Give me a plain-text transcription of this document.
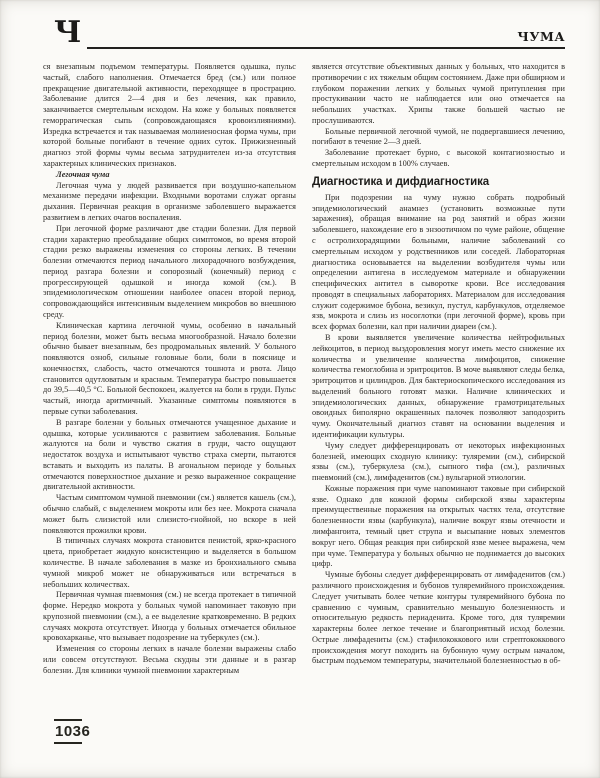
Ч	ЧУМА

ся внезапным подъемом температуры. Появляется одышка, пульс частый, слабого наполнения. Отмечается бред (см.) или полное прекращение двигательной активности, переходящее в прострацию. Заболевание длится 2—4 дня и без лечения, как правило, заканчивается смертельным исходом. На коже у больных появляется геморрагическая сыпь (сопровождающаяся кровоизлияниями). Изредка встречается и так называемая молниеносная форма чумы, при которой больные погибают в течение одних суток. Прижизненный диагноз этой формы чумы весьма затруднителен из-за отсутствия характерных клинических признаков.

Легочная чума

Легочная чума у людей развивается при воздушно-капельном механизме передачи инфекции. Входными воротами служат органы дыхания. Первичная реакция в организме заболевшего выражается развитием в легких очагов воспаления.

При легочной форме различают две стадии болезни. Для первой стадии характерно преобладание общих симптомов, во время второй стадии резко выражены изменения со стороны легких. В течении болезни отмечаются период начального лихорадочного возбуждения, период разгара болезни и сопорозный (конечный) период с прогрессирующей одышкой и иногда комой (см.). В эпидемиологическом отношении наиболее опасен второй период, сопровождающийся интенсивным выделением микробов во внешнюю среду.

Клиническая картина легочной чумы, особенно в начальный период болезни, может быть весьма многообразной. Начало болезни обычно бывает внезапным, без продромальных явлений. У больного появляются озноб, сильные головные боли, боли в пояснице и конечностях, слабость, часто отмечаются тошнота и рвота. Лицо становится одутловатым и красным. Температура быстро повышается до 39,5—40,5 °С. Больной беспокоен, жалуется на боли в груди. Пульс частый, иногда аритмичный. Указанные симптомы появляются в первые сутки заболевания.

В разгаре болезни у больных отмечаются учащенное дыхание и одышка, которые усиливаются с развитием заболевания. Больные жалуются на боли и чувство сжатия в груди, часто ощущают недостаток воздуха и испытывают чувство страха смерти, пытаются вставать и выходить из палаты. В агональном периоде у больных отмечаются поверхностное дыхание и резко выраженное сокращение двигательной активности.

Частым симптомом чумной пневмонии (см.) является кашель (см.), обычно слабый, с выделением мокроты или без нее. Мокрота сначала может быть слизистой или слизисто-гнойной, но вскоре в ней появляются прожилки крови.

В типичных случаях мокрота становится пенистой, ярко-красного цвета, приобретает жидкую консистенцию и выделяется в большом количестве. В начале заболевания в мазке из бронхиального смыва чумной микроб может не обнаруживаться или встречаться в небольших количествах.

Первичная чумная пневмония (см.) не всегда протекает в типичной форме. Нередко мокрота у больных чумой напоминает таковую при крупозной пневмонии (см.), а ее выделение кратковременно. В редких случаях мокрота отсутствует. Иногда у больных отмечается обильное кровохарканье, что вызывает подозрение на туберкулез (см.).

Изменения со стороны легких в начале болезни выражены слабо или совсем отсутствуют. Весьма скудны эти данные и в разгар болезни. Для клиники чумной пневмонии характерным

является отсутствие объективных данных у больных, что находится в противоречии с их тяжелым общим состоянием. Даже при обширном и глубоком поражении легких у больных чумой притупления при простукивании часто не наблюдается или оно отмечается на небольших участках. Хрипы также большей частью не прослушиваются.

Больные первичной легочной чумой, не подвергавшиеся лечению, погибают в течение 2—3 дней.

Заболевание протекает бурно, с высокой контагиозностью и смертельным исходом в 100% случаев.

Диагностика и дифдиагностика

При подозрении на чуму нужно собрать подробный эпидемиологический анамнез (установить возможные пути заражения), обращая внимание на род занятий и образ жизни заболевшего, нахождение его в энзоотичном по чуме районе, общение с остролихорадящими больными, наличие заболеваний со смертельным исходом у родственников или соседей. Лабораторная диагностика основывается на выделении возбудителя чумы или определении антигена в исследуемом материале и обнаружении специфических антител в сыворотке крови. Все исследования проводят в специальных лабораториях. Материалом для исследования служит содержимое бубона, везикул, пустул, карбункулов, отделяемое язв, мокрота и слизь из носоглотки (при легочной форме), кровь при всех формах болезни, кал при наличии диареи (см.).

В крови выявляется увеличение количества нейтрофильных лейкоцитов, в период выздоровления могут иметь место снижение их количества и увеличение количества лимфоцитов, снижение количества гемоглобина и эритроцитов. В моче выявляют следы белка, эритроцитов и цилиндров. Для бактериоскопического исследования из выделений больного готовят мазки. Наличие клинических и эпидемиологических данных, обнаружение грамотрицательных овоидных биполярно окрашенных палочек позволяют заподозрить чуму. Окончательный диагноз ставят на основании выделения и идентификации культуры.

Чуму следует дифференцировать от некоторых инфекционных болезней, имеющих сходную клинику: туляремии (см.), сибирской язвы (см.), туберкулеза (см.), сыпного тифа (см.), различных пневмоний (см.), лимфаденитов (см.) вульгарной этиологии.

Кожные поражения при чуме напоминают таковые при сибирской язве. Однако для кожной формы сибирской язвы характерны преимущественные поражения на открытых частях тела, отсутствие болезненности язвы (карбункула), наличие вокруг язвы отечности и лимфангоита, темный цвет струпа и высыпание новых элементов вокруг него. Общая реакция при сибирской язве менее выражена, чем при чуме. Температура у больных обычно не поднимается до высоких цифр.

Чумные бубоны следует дифференцировать от лимфаденитов (см.) различного происхождения и бубонов туляремийного происхождения. Следует учитывать более четкие контуры туляремийного бубона по сравнению с чумным, сравнительно меньшую болезненность и относительную редкость периаденита. Кроме того, для туляремии характерны более легкое течение и благоприятный исход болезни. Острые лимфадениты (см.) стафилококкового или стрептококкового происхождения могут походить на бубонную чуму острым началом, быстрым подъемом температуры, значительной болезненностью в об-

1036
